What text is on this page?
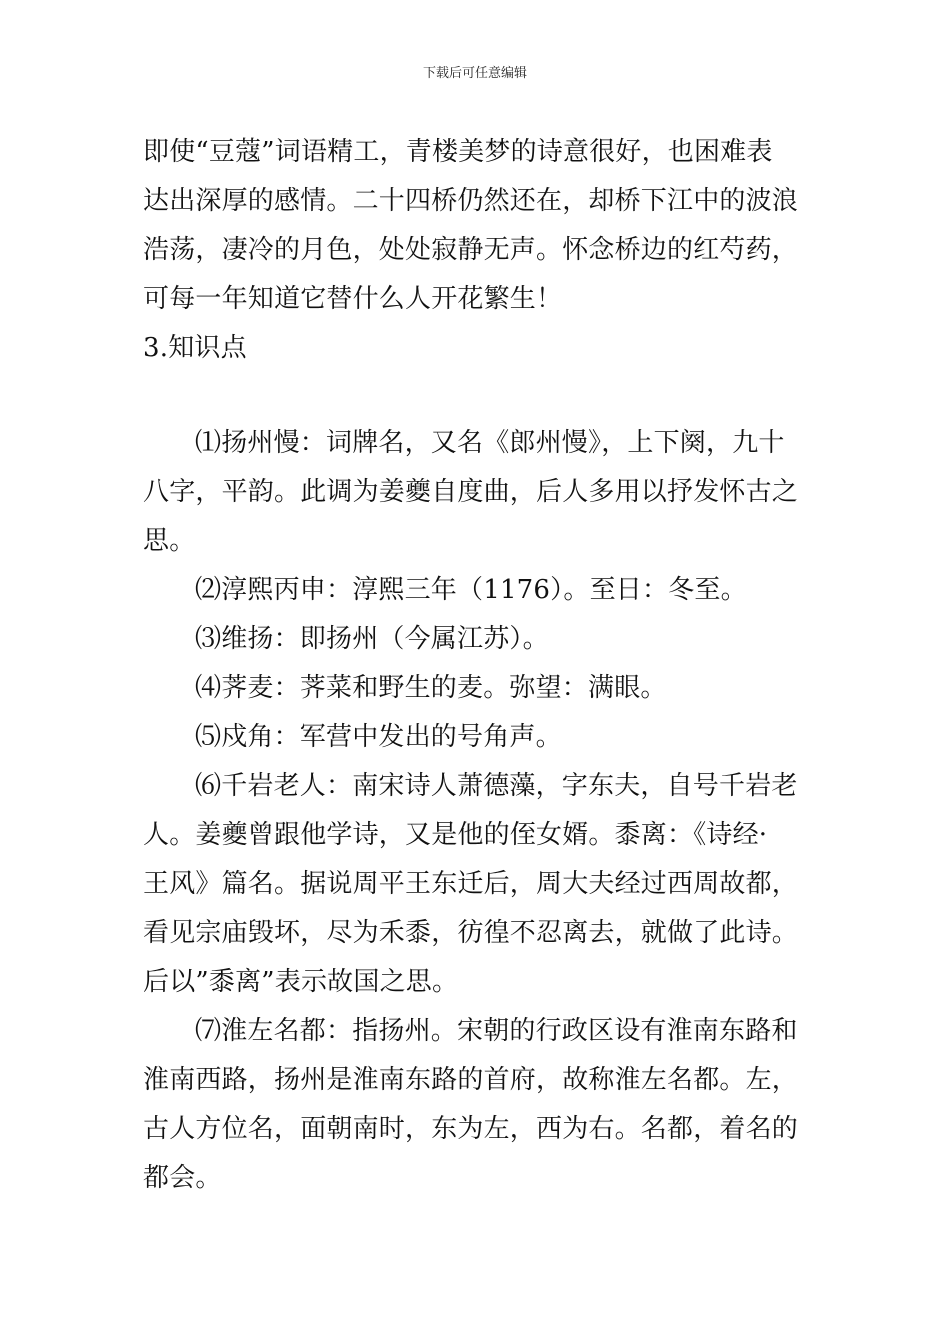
下载后可任意编辑

即使“豆蔻”词语精工，青楼美梦的诗意很好，也困难表

达出深厚的感情。二十四桥仍然还在，却桥下江中的波浪

浩荡，凄冷的月色，处处寂静无声。怀念桥边的红芍药，

可每一年知道它替什么人开花繁生！

3.知识点

⑴扬州慢：词牌名，又名《郎州慢》，上下阕，九十

八字，平韵。此调为姜夔自度曲，后人多用以抒发怀古之

思。

⑵淳熙丙申：淳熙三年（1176）。至日：冬至。

⑶维扬：即扬州（今属江苏）。

⑷荠麦：荠菜和野生的麦。弥望：满眼。

⑸戍角：军营中发出的号角声。

⑹千岩老人：南宋诗人萧德藻，字东夫，自号千岩老

人。姜夔曾跟他学诗，又是他的侄女婿。黍离：《诗经·

王风》篇名。据说周平王东迁后，周大夫经过西周故都，

看见宗庙毁坏，尽为禾黍，彷徨不忍离去，就做了此诗。

后以”黍离”表示故国之思。

⑺淮左名都：指扬州。宋朝的行政区设有淮南东路和

淮南西路，扬州是淮南东路的首府，故称淮左名都。左，

古人方位名，面朝南时，东为左，西为右。名都，着名的

都会。
